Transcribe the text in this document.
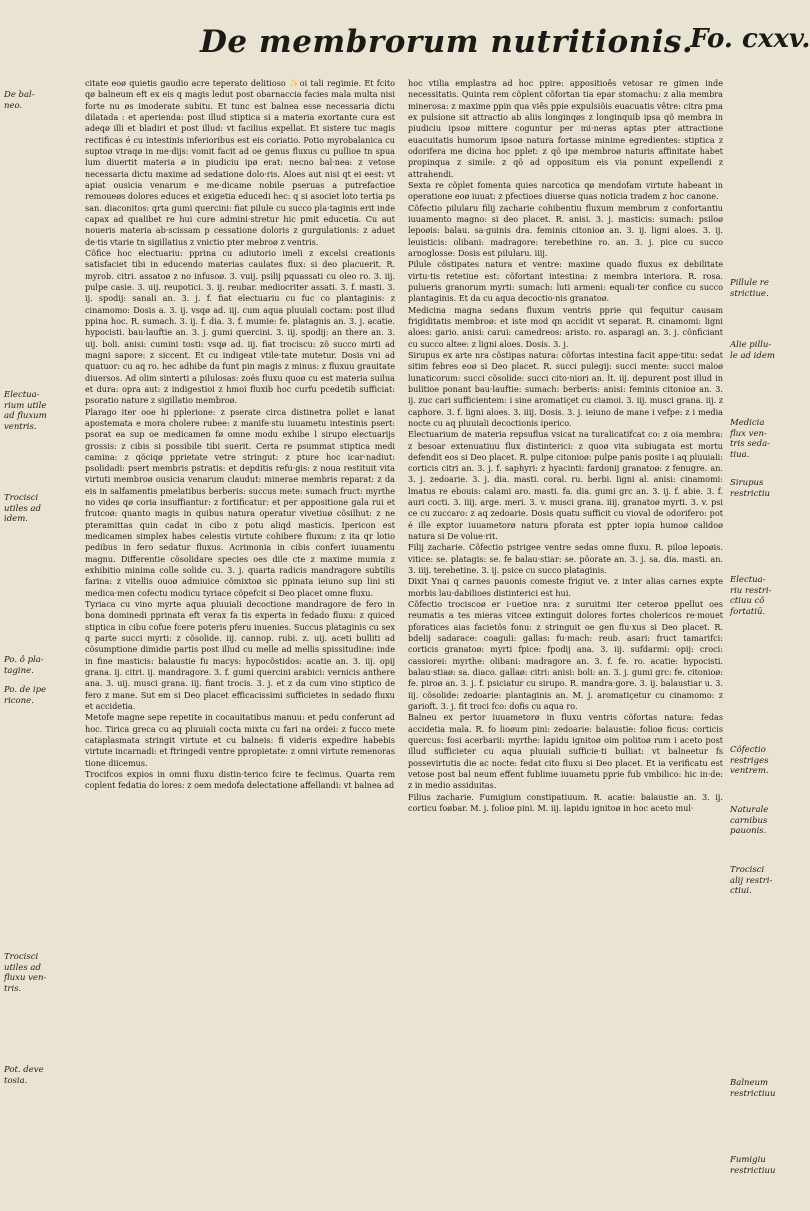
De membrorum nutritionis.
Fo. cxxv.
De bal-
neo.
Electua-
rium utile
ad fluxum
ventris.
Trocisci
utiles ad
idem.
Po. ô pla-
tagine.
Po. de ipe
ricone.
Trocisci
utiles ad
fluxu ven-
tris.
Pot. deve
tosia.
Pillule re
strictiue.
Alie pillu-
le ad idem
Medicia
flux ven-
tris seda-
tiua.
Sirupus
restrictiu
Electua-
riu restri-
ctiuu cõ
fortatiū.
Cõfectio
restriges
ventrem.
Naturale
carnibus
pauonis.
Trocisci
alij restri-
ctiui.
Balneum
restrictiuu
Fumigiu
restrictiuu

citate eoø quietis gaudio acre teperato delitioso ✨oi tali regimie. Et fcito qø balneum eft ex eis q magis ledut post obarnaccia facies mala multa nisi forte nu øs imoderate subitu. Et tunc est balnea esse necessaria dictu dilatada : et aperienda: post illud stiptica si a materia exortante cura est adeqø illi et bladiri et post illud: vt facilius expellat. Et sistere tuc magis rectificas é cu intestinis inferioribus est eis coriatio. Potio myrobalanica cu suptoø vtraqø in me·dijs: vomit facit ad oe genus fluxus cu pullioe tn spua lum diuertit materia ø in piudiciu ipø erat: necno bal·nea: z vetose necessaria dictu maxime ad sedatione dolo·ris. Aloes aut nisi qt ei eest: vt apiat ousicia venarum e me·dicame nobile pseruas a putrefactioe remoueøs dolores educes et exigetia educedi hec: q si asociet loto tertia ps san. diaconitos: qrta gumi quercini: fiat pilule cu succo pla·taginis erit inde capax ad qualibet re hui cure admini·stretur hic pmit educetia. Cu aut noueris materia ab·scissam p cessatione doloris z gurgulationis: z aduet de·tis vtarie tn sigillatius z vnictio pter mebroø z ventris.

Cõfice hoc electuariu: pprina cu adiutorio imeli z excelsi creationis satisfaciet tibi in educendo materias caulates flux: si deo placuerit. R. myrob. citri. assatoø z no infusoø. 3. vuij. psilij pquassati cu oleo ro. 3. iij. pulpe casie. 3. uij. reupotici. 3. ij. reubar. mediocriter assati. 3. f. masti. 3. ij. spodij: sanali an. 3. j. f. fiat electuariu cu fuc co plantaginis: z cinamomo: Dosis a. 3. ij. vsqø ad. iij. cum aqua pluuiali coctam: post illud ppina hoc. R. sumach. 3. ij. f. dia. 3. f. mumie: fe. platagnis an. 3. j. acatie. hypocisti. bau·lauftie an. 3. j. gumi quercini. 3. iij. spodij: an there an. 3. uij. boli. anisi: cumini tosti: vsqø ad. iij. fiat trociscu: zõ succo mirti ad magni sapore: z siccent. Et cu indigeat vtile·tate mutetur. Dosis vni ad quatuor: cu aq ro. hec adhibe da funt pin magis z minus: z fluxuu grauitate diuersos. Ad olim sinterti a pilulosas: zoés fluxu quoø cu est materia suilua et dura: opra aut: z indigestioi z hmoi fluxib hoc curfu pcedetib sufficiat: psoratio nature z sigillatio membroø.

Plarago iter ooe hi pplerione: z pserate circa distinetra pollet e lanat apostemata e mora cholere rubee: z manife·stu iuuametu intestinis psert: psorat ea sup oe medicamen fø omne modu exhibe l sirupo electuarijs grossis: z cibis si possibile tibi suerit. Certa re psummat stiptica medi camina: z qõciqø pprietate vetre stringut: z pture hoc icar·nadiut: psolidadi: psert membris pstratis: et depditis refu·gis: z noua restituit vita virtuti membroø ousicia venarum claudut: minerae membris reparat: z da eis in salfamentis pmelatibus berberis: succus mete: sumach fruct: myrthe no vides qø coria insuffiantur: z fortificatur: et per appositione gala rui et frutcoø: quanto magis in quibus natura operatur vivetiuø cõsilhut: z ne pteramittas quin cadat in cibo z potu aliqd masticis. Ipericon est medicamen simplex habes celestis virtute cohibere fluxum: z ita qr lotio pedibus in fero sedatur fluxus. Acrimonia in cibis confert iuuamentu magnu. Differentie cõsolidare species oes dile cte z maxime mumia z exhibitio minima colle solide cu. 3. j. quarta radicis mandragore subtilis farina: z vitellis ouoø admiuice cõmixtoø sic ppinata ieiuno sup lini sti medica·men cofectu modicu tyriace cõpefcit si Deo placet omne fluxu.

Tyriaca cu vino myrte aqua pluuiali decoctione mandragore de fero in bona dominedi pprinata eft verax fa tis experta in fedado fluxu: z quiced stiptica in cibu cofue fcere poteris pferu inuenies. Succus plataginis cu sex q parte succi myrti: z cõsolide. iij. cannop. rubi. z. uij. aceti bulliti ad cõsumptione dimidie partis post illud cu melle ad mellis spissitudine: inde in fine masticis: balaustie fu macys: hypocõstidos: acatie an. 3. iij. opij grana. ij. citri. ij. mandragore. 3. f. gumi quercini arabici: vernicis anthere ana. 3. uij. musci grana. iij. fiant trocis. 3. j. et z da cum vino stiptico de fero z mane. Sut em si Deo placet efficacissimi sufficietes in sedado fluxu et accidetia.

Metofe magne sepe repetite in cocauitatibus manuu: et pedu conferunt ad hoc. Tirica greca cu aq pluuiali cocta mixta cu fari na ordei: z fucco mete cataplasmata stringit virtute et cu balneis: fi videris expedire habebis virtute incarnadi: et ftringedi ventre ppropietate: z omni virtute remenoras tione diicemus.

Trocifcos expios in omni fluxu distin·terico fcire te fecimus. Quarta rem coplent fedatia do lores: z oem medofa delectatione affellandi: vt balnea ad

hoc vtilia emplastra ad hoc ppire: appositioês vetosar re gimen inde necessitatis. Quinta rem cõplent cõfortan tia epar stomachu: z alia membra minerosa: z maxime ppin qua viês ppie expulsiõis euacuatis vêtre: citra pma ex pulsione sit attractio ab aliis longinqøs z longinquib ipsa qõ membra in piudiciu ipsoø mittere coguntur per mi·neras aptas pter attractione euacuitatis humorum ipsoø natura fortasse minime egredientes: stiptica z odorifera me dicina hoc pplet: z qõ ipø membroø naturis affinitate habet propinqua z simile: z qõ ad oppositum eis via ponunt expellendi z attrahendi.

Sexta re cõplet fomenta quies narcotica qø mendofam virtute habeant in operatione eoø iuuat: z pfectioes diuerse quas noticia tradem z hoc canone.

Cõfectio pilularu filij zacharie cohibentiu fluxum membrum z confortantiu iuuamento magno: si deo placet. R. anisi. 3. j. masticis: sumach: psiloø lepoøis: balau. sa·guinis dra. feminis citonioø an. 3. ij. ligni aloes. 3. ij. leuisticis: olibani: madragore: terebethine ro. an. 3. j. pice cu succo arnoglosse: Dosis est pilularu. iiij.

Pilule cõstipates natura et ventre: maxime quado fluxus ex debilitate virtu·tis retetiue est: cõfortant intestina: z membra interiora. R. rosa. pulueris granorum myrti: sumach: luti armeni: equali·ter confice cu succo plantaginis. Et da cu aqua decoctio·nis granatoø.

Medicina magna sedans fluxum ventris pprie qui fequitur causam frigiditatis membroø: et iste mod qn accidit vt separat. R. cinamomi: ligni aloes: gario. anisi: carui: camedreos: aristo. ro. asparagi an. 3. j. cõnficiant cu succo altee: z ligni aloes. Dosis. 3. j.

Sirupus ex arte nra cõstipas natura: cõfortas intestina facit appe·titu: sedat sitim febres eoø si Deo placet. R. succi pulegij: succi mente: succi maloø lunaticorum: succi cõsolide: succi cito·niori an. lt. iij. depurent post illud in bulitioe ponant bau·lauftie: sumach: berberis: anisi: feminis citonioø an. 3. ij. zuc cari sufficientem: i sine aromatiçet cu ciamoi. 3. iij. musci grana. iij. z caphore. 3. f. ligni aloes. 3. iiij. Dosis. 3. j. ieiuno de mane i vefpe: z i media nocte cu aq pluuiali decoctionis iperico.

Electuarium de materia repsuflua vsicat na turalicatifcat co: z oia membra: z besoar extenuatiuu flux distinterici: z quoø vita subiugata est mortu defendit eos si Deo placet. R. pulpe citonioø: pulpe panis posite i aq pluuiali: corticis citri an. 3. j. f. saphyri: z hyacinti: fardonij granatoø: z fenugre. an. 3. j. zedoarie. 3. j. dia. masti. coral. ru. berbi. ligni al. anisi: cinamomi: lmatus re ebouis: calami aro. masti. fa. dia. gumi grc an. 3. ij. f. abie. 3. f. auri cocti. 3. iiij. arge. meri. 3. v. musci grana. iiij. granatoø myrti. 3. v. psi ce cu zuccaro: z aq zedoarie. Dosis quatu sufficit cu vioval de odorifero: pot é ille exptor iuuametorø natura pforata est ppter iopia humoø calidoø natura si De volue·rit.

Filij zacharie. Cõfectio pstrigee ventre sedas omne fluxu. R. piloø lepoøis. vitice: se. platagis: se. fe balau·stiar: se. põorate an. 3. j. sa. dia. masti. an. 3. iiij. terebetine. 3. ij. psice cu succo plataginis.

Dixit Ynai q carnes pauonis comeste frigiut ve. z inter alias carnes expte morbis lau·dabilioes distinterici est hui.

Cõfectio trociscoø er i·uetioe nra: z suruitmi iter ceteroø ppellut oes reumatis a tes mieras vitceø extinguit dolores fortes cholericos re·mouet pforatices aias facietõs fonu: z stringuit oe gen flu·xus si Deo placet. R. bdelij sadarace: coaguli: gallas: fu·mach: reub. asari: fruct tamarifci: corticis granatoø: myrti fpice: fpodij ana. 3. iij. sufdarmi: opij: croci: cassiorei: myrthe: olibani: madragore an. 3. f. fe. ro. acatie: hypocisti. balau·stiaø: sa. diaco. gallaø: citri: anisi: boli: an. 3. j. gumi grc: fe. citonioø: fe. piroø an. 3. j. f. psiciatur cu sirupo. R. mandra·gore. 3. ij. balaustiar u. 3. iij. cõsolide: zedoarie: plantaginis an. M. j. aromatiçetur cu cinamomo: z garioft. 3. j. fit troci fco: dofis cu aqua ro.

Balneu ex pertor iuuametorø in fluxu ventris cõfortas natura: fedas accidetia mala. R. fo lioøum pini: zedoarie: balaustie: folioø ficus: corticis quercus: fosi acerbarii: myrthe: lapidu ignitoø oim politoø rum i aceto post illud sufficieter cu aqua pluuiali sufficie·ti bulliat: vt balneetur fs possevirtutis die ac nocte: fedat cito fluxu si Deo placet. Et ia verificatu est vetose post bal neum effent fublime iuuametu pprie fub vmbilico: hic in·de: z in medio assiduitas.

Filius zacharie. Fumigium constipatiuum. R. acatie: balaustie an. 3. ij. corticu foøbar. M. j. folioø pini. M. iij. lapidu ignitoø in hoc aceto mul·
